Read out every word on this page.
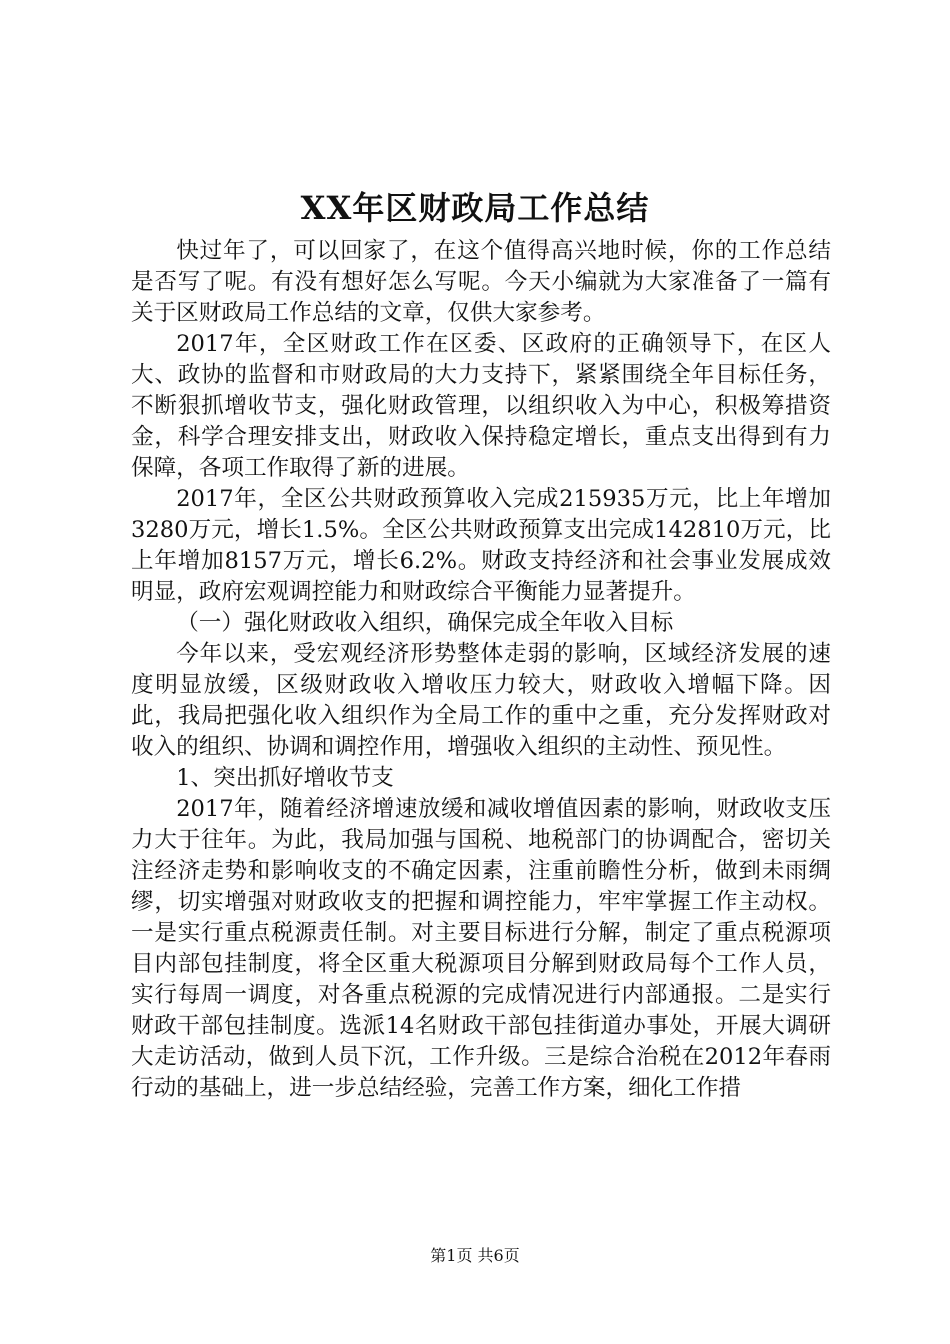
XX年区财政局工作总结

快过年了，可以回家了，在这个值得高兴地时候，你的工作总结是否写了呢。有没有想好怎么写呢。今天小编就为大家准备了一篇有关于区财政局工作总结的文章，仅供大家参考。

2017年，全区财政工作在区委、区政府的正确领导下，在区人大、政协的监督和市财政局的大力支持下，紧紧围绕全年目标任务，不断狠抓增收节支，强化财政管理，以组织收入为中心，积极筹措资金，科学合理安排支出，财政收入保持稳定增长，重点支出得到有力保障，各项工作取得了新的进展。

2017年，全区公共财政预算收入完成215935万元，比上年增加3280万元，增长1.5%。全区公共财政预算支出完成142810万元，比上年增加8157万元，增长6.2%。财政支持经济和社会事业发展成效明显，政府宏观调控能力和财政综合平衡能力显著提升。

（一）强化财政收入组织，确保完成全年收入目标

今年以来，受宏观经济形势整体走弱的影响，区域经济发展的速度明显放缓，区级财政收入增收压力较大，财政收入增幅下降。因此，我局把强化收入组织作为全局工作的重中之重，充分发挥财政对收入的组织、协调和调控作用，增强收入组织的主动性、预见性。

1、突出抓好增收节支

2017年，随着经济增速放缓和减收增值因素的影响，财政收支压力大于往年。为此，我局加强与国税、地税部门的协调配合，密切关注经济走势和影响收支的不确定因素，注重前瞻性分析，做到未雨绸缪，切实增强对财政收支的把握和调控能力，牢牢掌握工作主动权。一是实行重点税源责任制。对主要目标进行分解，制定了重点税源项目内部包挂制度，将全区重大税源项目分解到财政局每个工作人员，实行每周一调度，对各重点税源的完成情况进行内部通报。二是实行财政干部包挂制度。选派14名财政干部包挂街道办事处，开展大调研大走访活动，做到人员下沉，工作升级。三是综合治税在2012年春雨行动的基础上，进一步总结经验，完善工作方案，细化工作措

第1页 共6页
